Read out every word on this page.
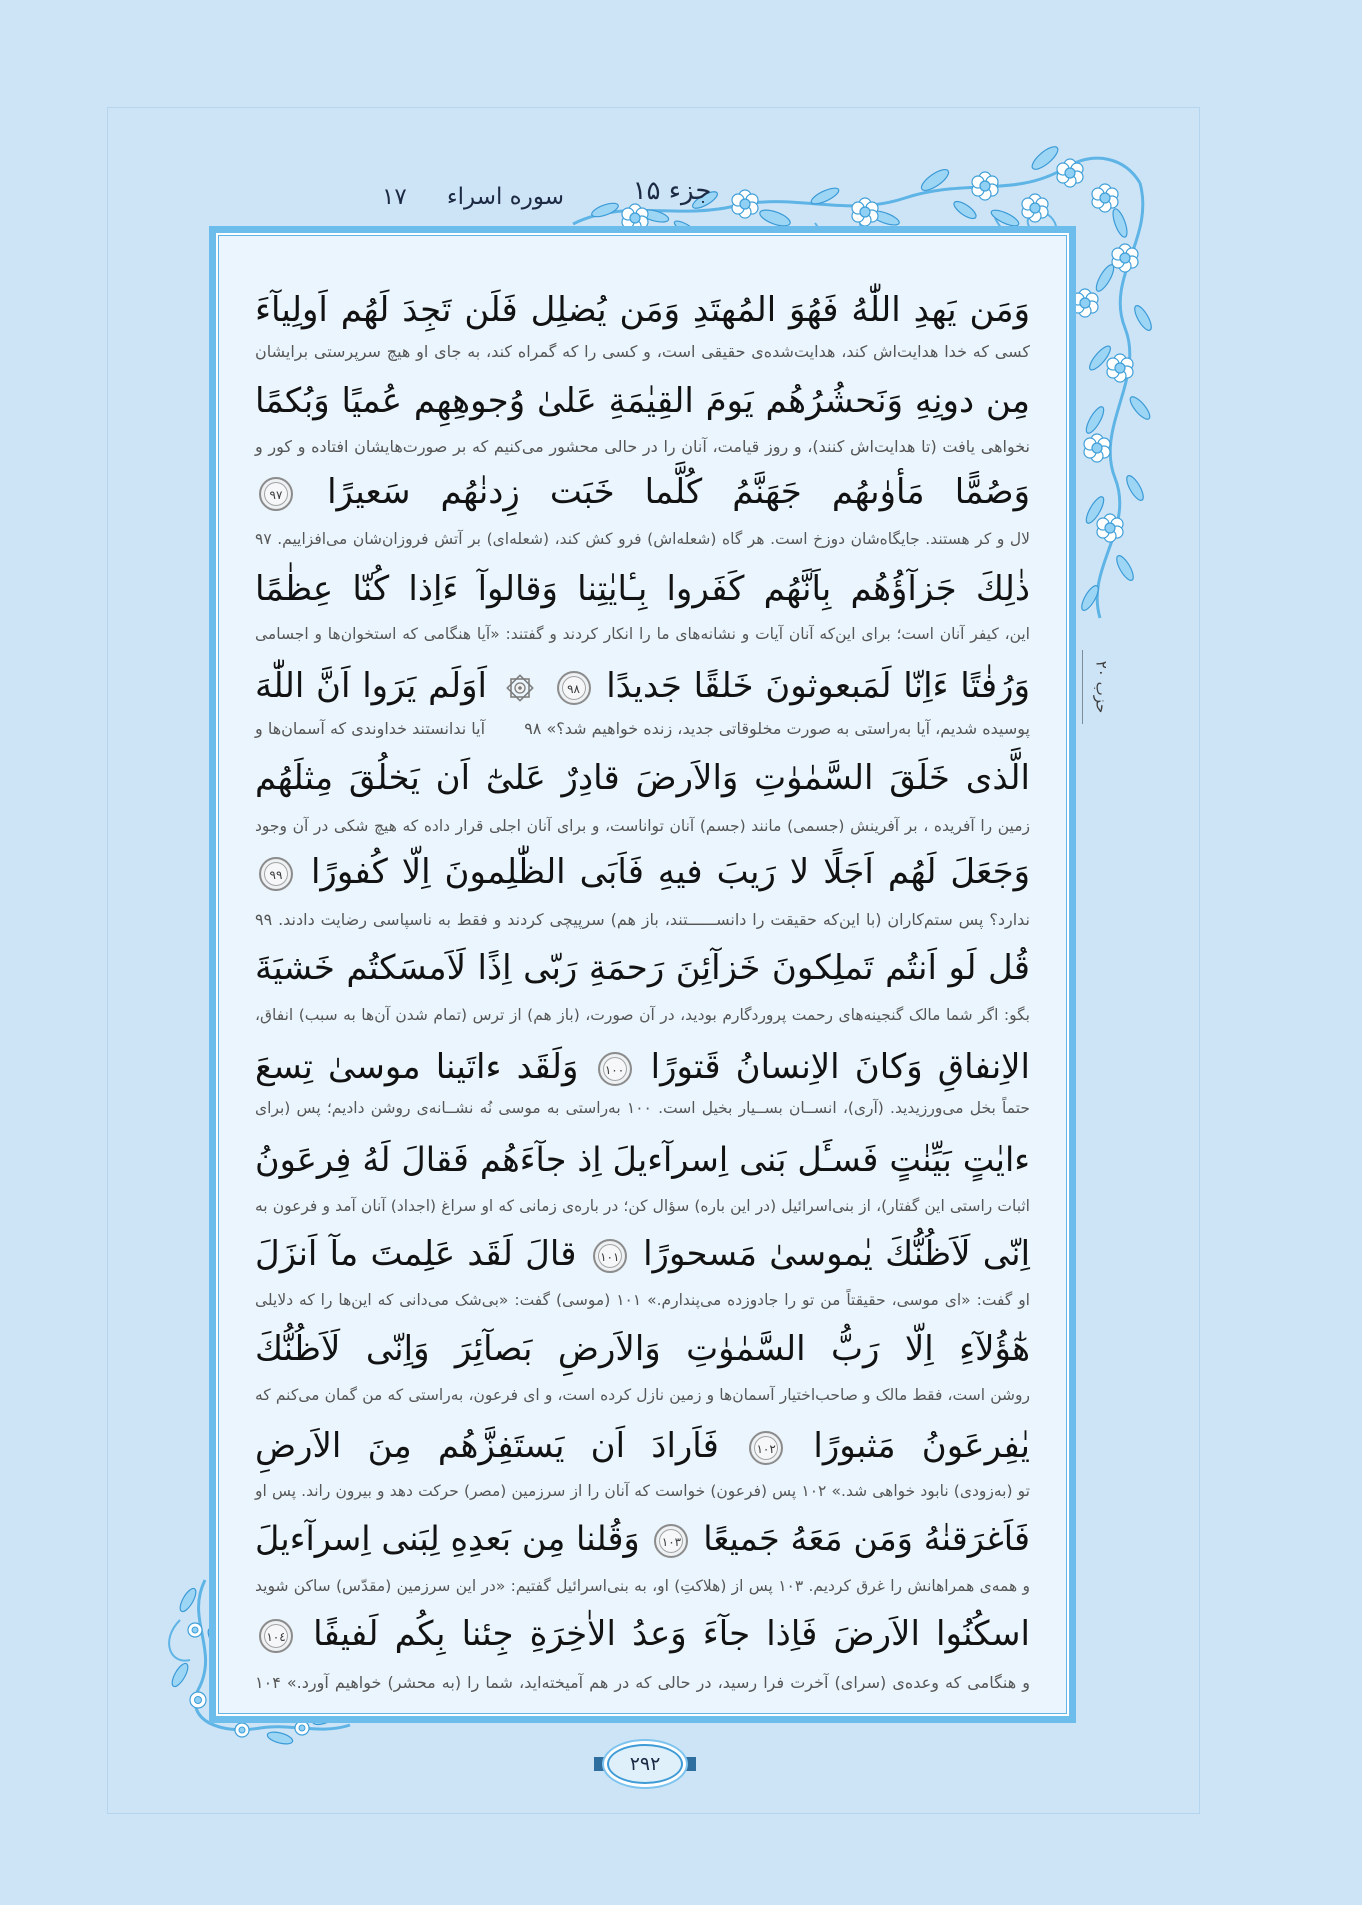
جزء ۱۵
سوره اسراء
۱۷
وَمَن يَهدِ اللّٰهُ فَهُوَ المُهتَدِ وَمَن يُضلِل فَلَن تَجِدَ لَهُم اَولِيآءَ
کسی که خدا هدایت‌اش کند، هدایت‌شده‌ی حقیقی است، و کسی را که گمراه کند، به جای او هیچ سرپرستی برایشان
مِن دونِهِ وَنَحشُرُهُم يَومَ القِيٰمَةِ عَلىٰ وُجوهِهِم عُميًا وَبُكمًا
نخواهی یافت (تا هدایت‌اش کنند)، و روز قیامت، آنان را در حالی محشور می‌کنیم که بر صورت‌هایشان افتاده و کور و
وَصُمًّا مَأوٰىهُم جَهَنَّمُ كُلَّما خَبَت زِدنٰهُم سَعيرًا ٩٧
لال و کر هستند. جایگاه‌شان دوزخ است. هر گاه (شعله‌اش) فرو کش کند، (شعله‌ای) بر آتش فروزان‌شان می‌افزاییم. ۹۷
ذٰلِكَ جَزآؤُهُم بِاَنَّهُم كَفَروا بِـٔايٰتِنا وَقالوآ ءَاِذا كُنّا عِظٰمًا
این، کیفر آنان است؛ برای این‌که آنان آیات و نشانه‌های ما را انکار کردند و گفتند: «آیا هنگامی که استخوان‌ها و اجسامی
وَرُفٰتًا ءَاِنّا لَمَبعوثونَ خَلقًا جَديدًا ٩٨  اَوَلَم يَرَوا اَنَّ اللّٰهَ
پوسیده شدیم، آیا به‌راستی به صورت مخلوقاتی جدید، زنده خواهیم شد؟» ۹۸
آیا ندانستند خداوندی که آسمان‌ها و
الَّذى خَلَقَ السَّمٰوٰتِ وَالاَرضَ قادِرٌ عَلىٰٓ اَن يَخلُقَ مِثلَهُم
زمین را آفریده ، بر آفرینش (جسمی) مانند (جسم) آنان تواناست، و برای آنان اجلی قرار داده که هیچ شکی در آن وجود
وَجَعَلَ لَهُم اَجَلًا لا رَيبَ فيهِ فَاَبَى الظّٰلِمونَ اِلّا كُفورًا ٩٩
ندارد؟ پس ستم‌کاران (با این‌که حقیقت را دانســــــتند، باز هم) سرپیچی کردند و فقط به ناسپاسی رضایت دادند. ۹۹
قُل لَو اَنتُم تَملِكونَ خَزآئِنَ رَحمَةِ رَبّى اِذًا لَاَمسَكتُم خَشيَةَ
بگو: اگر شما مالک گنجینه‌های رحمت پروردگارم بودید، در آن صورت، (باز هم) از ترس (تمام شدن آن‌ها به سبب) انفاق،
الاِنفاقِ وَكانَ الاِنسانُ قَتورًا ١٠٠ وَلَقَد ءاتَينا موسىٰ تِسعَ
حتماً بخل می‌ورزیدید. (آری)، انســان بســیار بخیل است. ۱۰۰ به‌راستی به موسی نُه نشــانه‌ی روشن دادیم؛ پس (برای
ءايٰتٍ بَيِّنٰتٍ فَسـَٔل بَنى اِسرآءيلَ اِذ جآءَهُم فَقالَ لَهُ فِرعَونُ
اثبات راستی این گفتار)، از بنی‌اسرائیل (در این باره) سؤال کن؛ در باره‌ی زمانی که او سراغ (اجداد) آنان آمد و فرعون به
اِنّى لَاَظُنُّكَ يٰموسىٰ مَسحورًا ١٠١ قالَ لَقَد عَلِمتَ مآ اَنزَلَ
او گفت: «ای موسی، حقیقتاً من تو را جادوزده می‌پندارم.» ۱۰۱ (موسی) گفت: «بی‌شک می‌دانی که این‌ها را که دلایلی
هٰٓؤُلآءِ اِلّا رَبُّ السَّمٰوٰتِ وَالاَرضِ بَصآئِرَ وَاِنّى لَاَظُنُّكَ
روشن است، فقط مالک و صاحب‌اختیار آسمان‌ها و زمین نازل کرده است، و ای فرعون، به‌راستی که من گمان می‌کنم که
يٰفِرعَونُ مَثبورًا ١٠٢ فَاَرادَ اَن يَستَفِزَّهُم مِنَ الاَرضِ
تو (به‌زودی) نابود خواهی شد.» ۱۰۲ پس (فرعون) خواست که آنان را از سرزمین (مصر) حرکت دهد و بیرون راند. پس او
فَاَغرَقنٰهُ وَمَن مَعَهُ جَميعًا ١٠٣ وَقُلنا مِن بَعدِهِ لِبَنى اِسرآءيلَ
و همه‌ی همراهانش را غرق کردیم. ۱۰۳ پس از (هلاکتِ) او، به بنی‌اسرائیل گفتیم: «در این سرزمین (مقدّس) ساکن شوید
اسكُنُوا الاَرضَ فَاِذا جآءَ وَعدُ الاٰخِرَةِ جِئنا بِكُم لَفيفًا ١٠٤
و هنگامی که وعده‌ی (سرای) آخرت فرا رسید، در حالی که در هم آمیخته‌اید، شما را (به محشر) خواهیم آورد.» ۱۰۴
حزب ۲۰
۲۹۲
